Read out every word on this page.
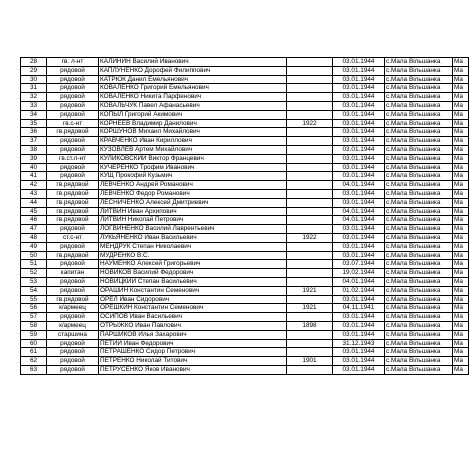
28	гв. л-нт	КАЛИНИН Василий Иванович		03.01.1944	с.Мала Вільшанка	Ма
29	рядовой	КАПЛУНЕНКО Дорофей Филиппович		03.01.1944	с.Мала Вільшанка	Ма
30	рядовой	КАТРЮК Данил Емельянович		03.01.1944	с.Мала Вільшанка	Ма
31	рядовой	КОВАЛЕНКО Григорий Емельянович		03.01.1944	с.Мала Вільшанка	Ма
32	рядовой	КОВАЛЕНКО Никита Парфенович		03.01.1944	с.Мала Вільшанка	Ма
33	рядовой	КОВАЛЬЧУК Павел Афанасьевич		03.01.1944	с.Мала Вільшанка	Ма
34	рядовой	КОПЫЛ Григорий Акимович		03.01.1944	с.Мала Вільшанка	Ма
35	гв.с-нт	КОРНЕЕВ Владимир Данилович	1922	03.01.1944	с.Мала Вільшанка	Ма
36	гв.рядовой	КОРШУНОВ Михаил Михайлович		03.01.1944	с.Мала Вільшанка	Ма
37	рядовой	КРАВЧЕНКО Иван Кириллович		03.01.1944	с.Мала Вільшанка	Ма
38	рядовой	КУЗОВЛЕВ Артем Михайлович		03.01.1944	с.Мала Вільшанка	Ма
39	гв.ст.л-нт	КУЛИКОВСКИЙ Виктор Францевич		03.01.1944	с.Мала Вільшанка	Ма
40	рядовой	КУЧЕРЕНКО Трофим Иванович		03.01.1944	с.Мала Вільшанка	Ма
41	рядовой	КУЩ Прокофий Кузьмич		03.01.1944	с.Мала Вільшанка	Ма
42	гв.рядовой	ЛЕВЧЕНКО Андрей Романович		04.01.1944	с.Мала Вільшанка	Ма
43	гв.рядовой	ЛЕВЧЕНКО Федор Романович		03.01.1944	с.Мала Вільшанка	Ма
44	гв.рядовой	ЛЕСНИЧЕНКО Алексей Дмитриевич		03.01.1944	с.Мала Вільшанка	Ма
45	гв.рядовой	ЛИТВИН Иван Архипович		04.01.1944	с.Мала Вільшанка	Ма
46	гв.рядовой	ЛИТВИН Николай Петрович		04.01.1944	с.Мала Вільшанка	Ма
47	рядовой	ЛОГВИНЕНКО Василий Лаврентьевич		03.01.1944	с.Мала Вільшанка	Ма
48	ст.с-нт	ЛУКЬЯНЕНКО Иван Васильевич	1922	03.01.1944	с.Мала Вільшанка	Ма
49	рядовой	МЕНДРУК Степан Николаевич		03.01.1944	с.Мала Вільшанка	Ма
50	гв.рядовой	МУДРЕНКО В.С.		03.01.1944	с.Мала Вільшанка	Ма
51	рядовой	НАУМЕНКО Алексей Григорьевич		03.07.1944	с.Мала Вільшанка	Ма
52	капитан	НОВИКОВ Василий Федорович		19.02.1944	с.Мала Вільшанка	Ма
53	рядовой	НОВИЦКИЙ Степан Васильевич		04.01.1944	с.Мала Вільшанка	Ма
54	рядовой	ОРАШИН Константин Семенович	1921	01.02.1944	с.Мала Вільшанка	Ма
55	гв.рядовой	ОРЕЛ Иван Сидорович		03.01.1944	с.Мала Вільшанка	Ма
56	к/армеец	ОРЕШКИН Константин Семенович	1921	04.11.1941	с.Мала Вільшанка	Ма
57	рядовой	ОСИПОВ Иван Васильевич		03.01.1944	с.Мала Вільшанка	Ма
58	к/армеец	ОТРЫЖКО Иван Павлович	1898	03.01.1944	с.Мала Вільшанка	Ма
59	старшина	ПАРШИКОВ Илья Захарович		03.01.1944	с.Мала Вільшанка	Ма
60	рядовой	ПЕТИЙ Иван Федорович		31.12.1943	с.Мала Вільшанка	Ма
61	рядовой	ПЕТРАШЕНКО Сидор Петрович		03.01.1944	с.Мала Вільшанка	Ма
62	рядовой	ПЕТРЕНКО Николай Титович	1901	03.01.1944	с.Мала Вільшанка	Ма
63	рядовой	ПЕТРУСЕНКО Яков Иванович		03.01.1944	с.Мала Вільшанка	Ма
